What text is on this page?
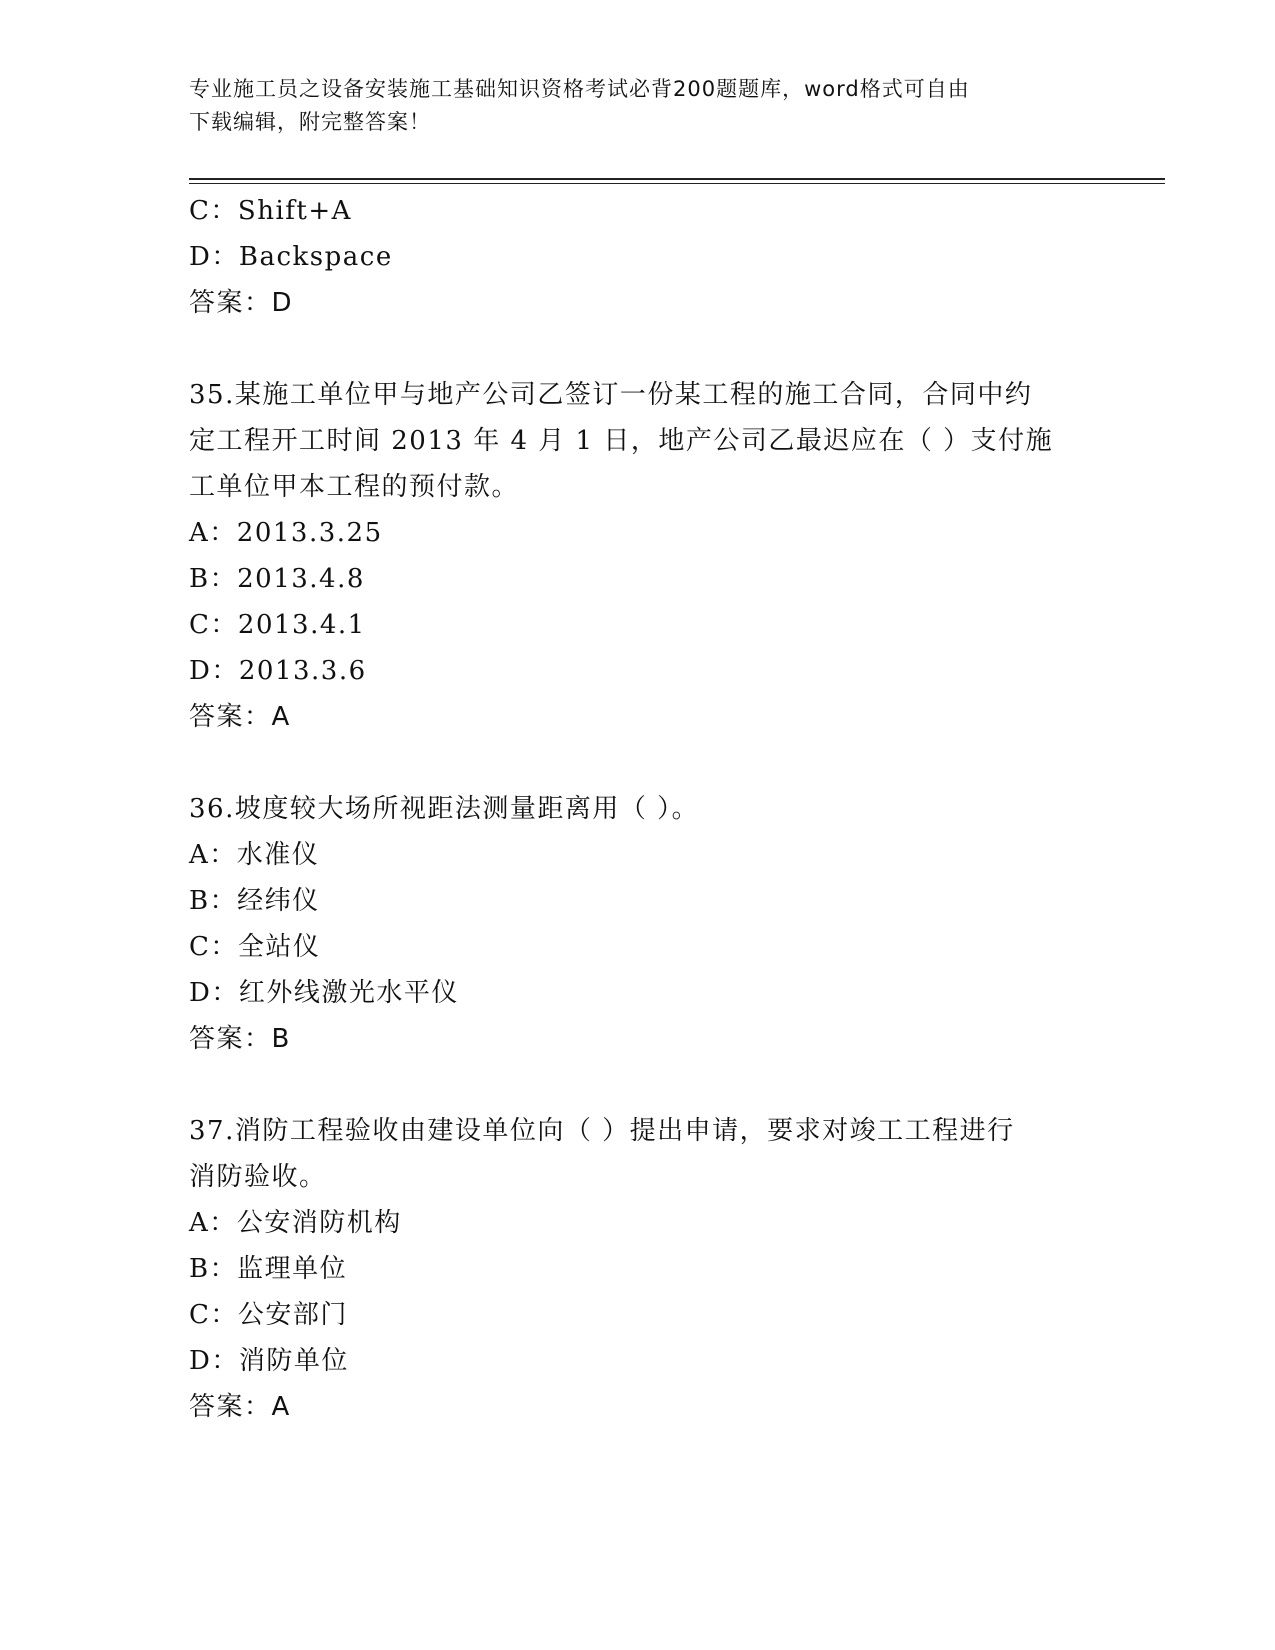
专业施工员之设备安装施工基础知识资格考试必背200题题库，word格式可自由
下载编辑，附完整答案！
C：Shift+A
D：Backspace
答案：D
35.某施工单位甲与地产公司乙签订一份某工程的施工合同，合同中约
定工程开工时间 2013 年 4 月 1 日，地产公司乙最迟应在（ ）支付施
工单位甲本工程的预付款。
A：2013.3.25
B：2013.4.8
C：2013.4.1
D：2013.3.6
答案：A
36.坡度较大场所视距法测量距离用（ ）。
A：水准仪
B：经纬仪
C：全站仪
D：红外线激光水平仪
答案：B
37.消防工程验收由建设单位向（ ）提出申请，要求对竣工工程进行
消防验收。
A：公安消防机构
B：监理单位
C：公安部门
D：消防单位
答案：A
